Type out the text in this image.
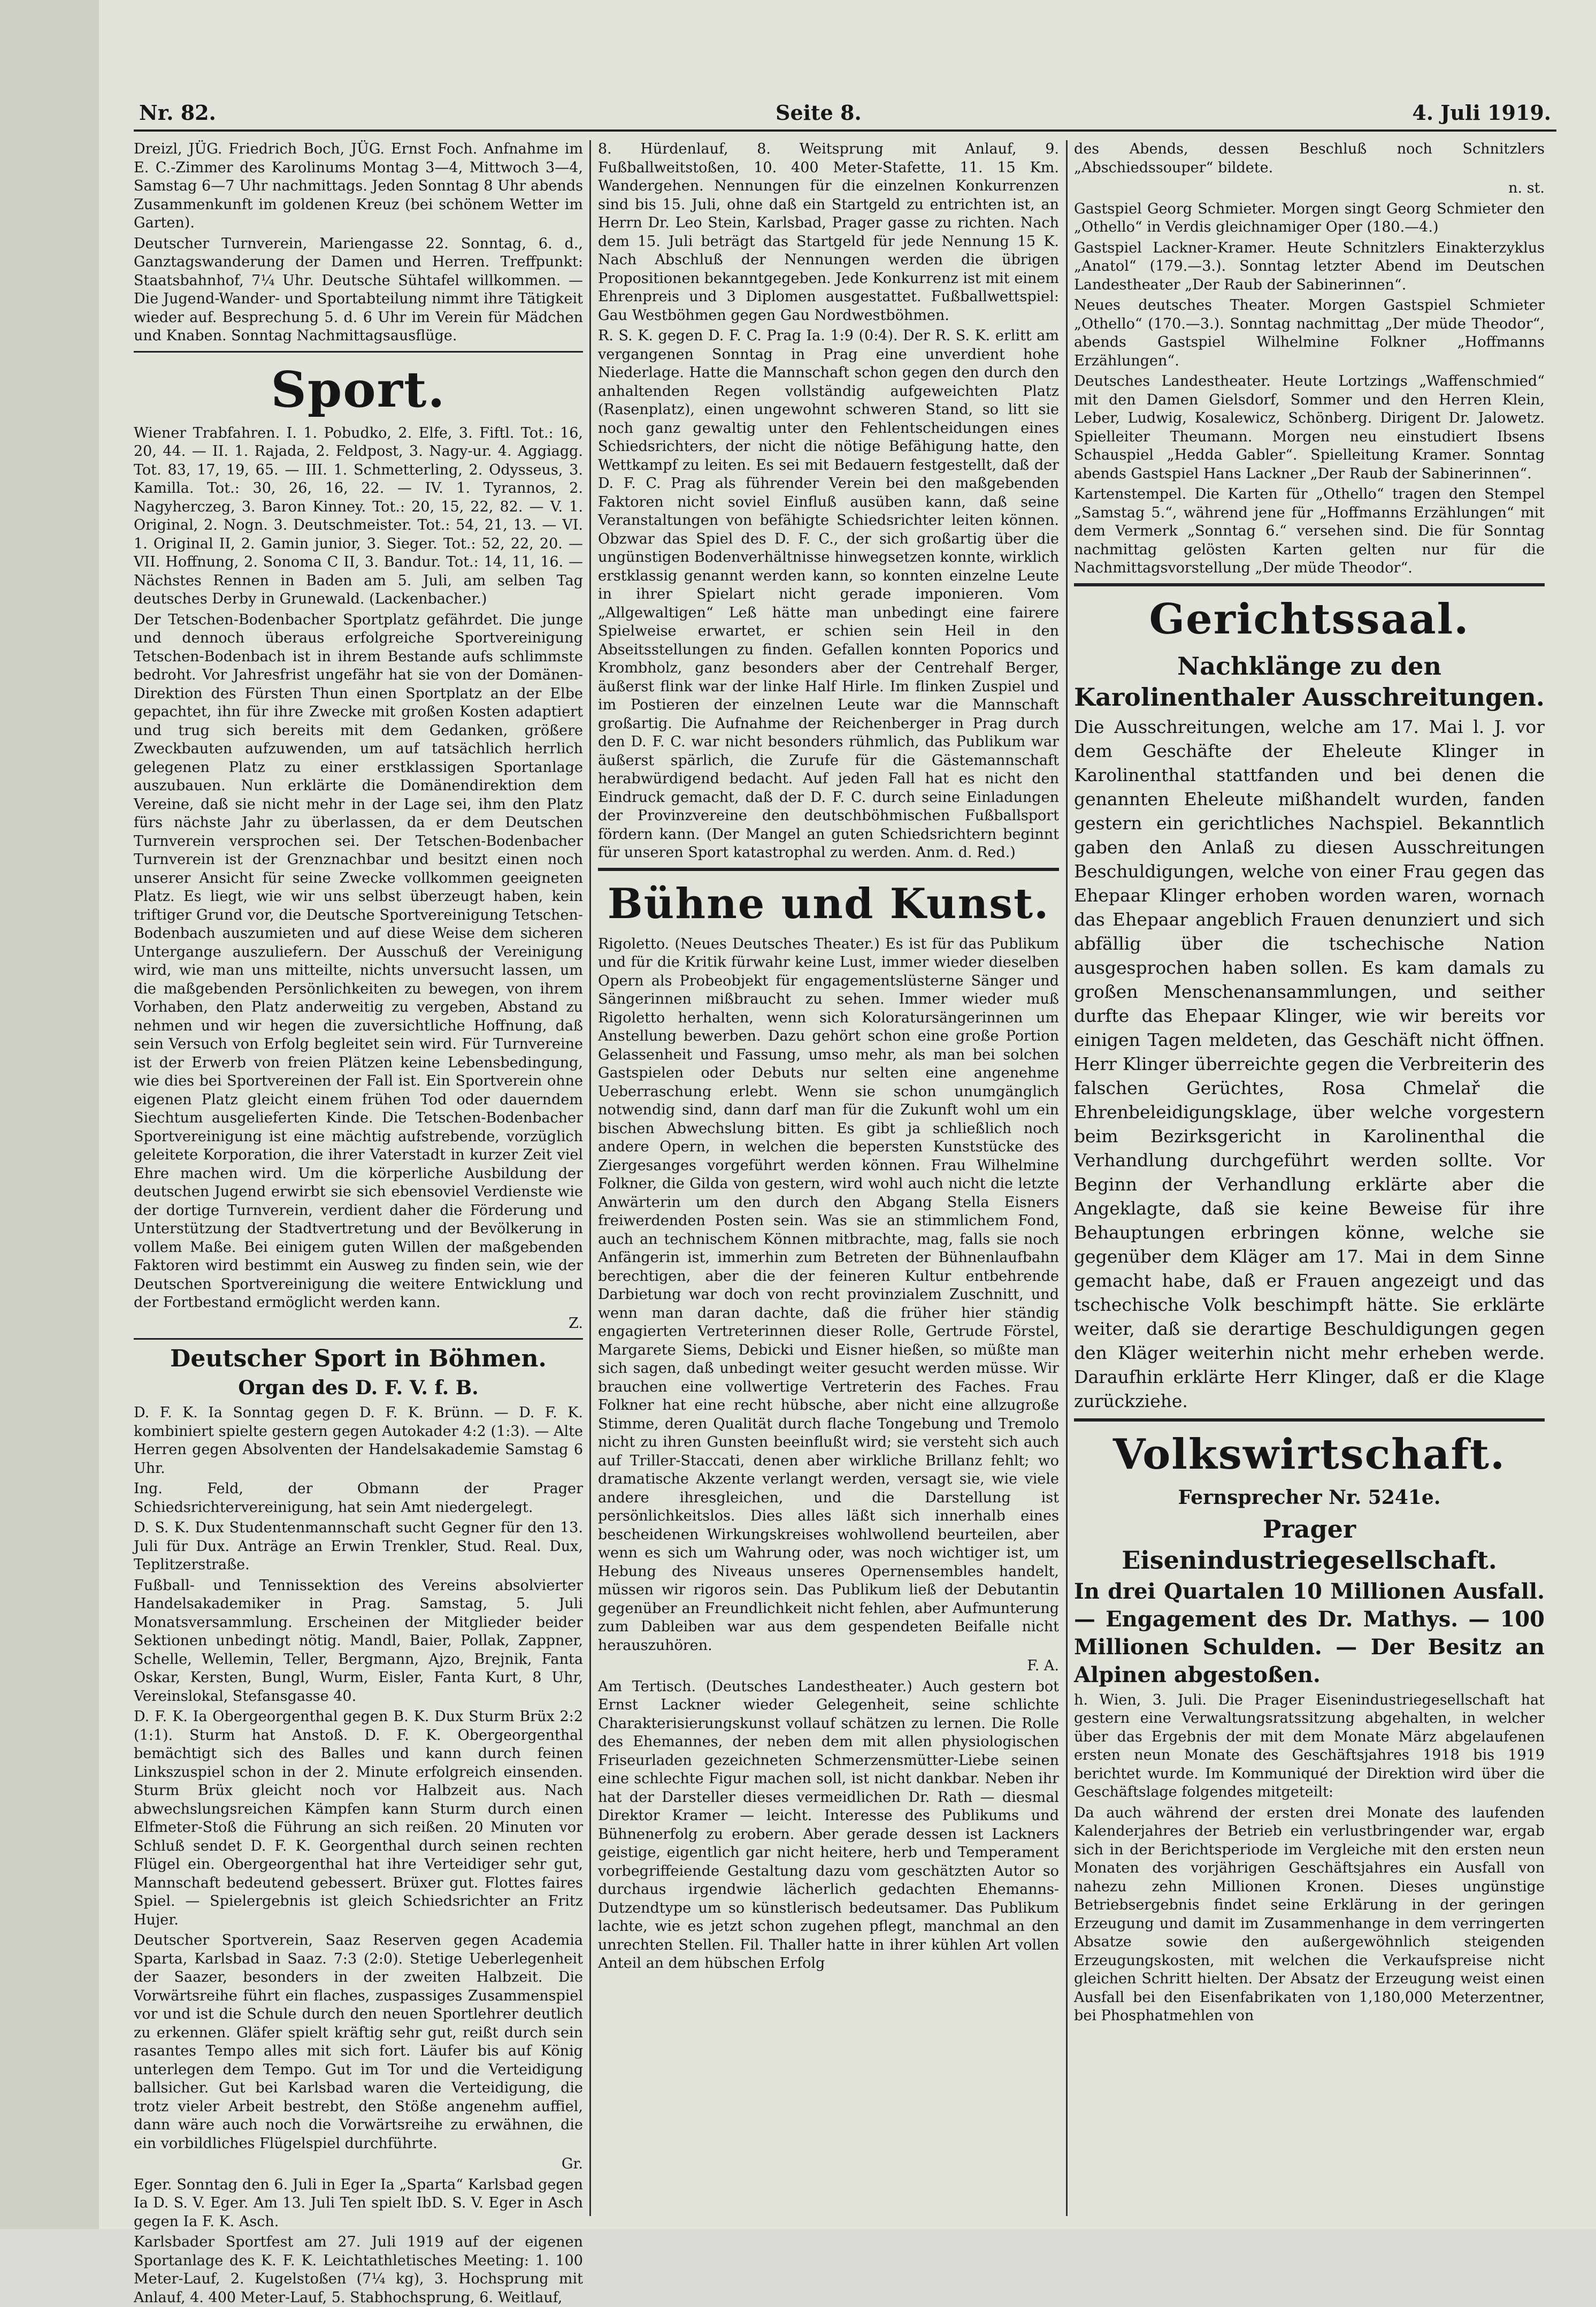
Nr. 82.	Seite 8.	4. Juli 1919.

Dreizl, JÜG. Friedrich Boch, JÜG. Ernst Foch. Anfnahme im E. C.-Zimmer des Karolinums Montag 3—4, Mittwoch 3—4, Samstag 6—7 Uhr nachmittags. Jeden Sonntag 8 Uhr abends Zusammenkunft im goldenen Kreuz (bei schönem Wetter im Garten).

Deutscher Turnverein, Mariengasse 22. Sonntag, 6. d., Ganztagswanderung der Damen und Herren. Treffpunkt: Staatsbahnhof, 7¼ Uhr. Deutsche Sühtafel willkommen. — Die Jugend-Wander- und Sportabteilung nimmt ihre Tätigkeit wieder auf. Besprechung 5. d. 6 Uhr im Verein für Mädchen und Knaben. Sonntag Nachmittagsausflüge.

Sport.

Wiener Trabfahren. I. 1. Pobudko, 2. Elfe, 3. Fiftl. Tot.: 16, 20, 44. — II. 1. Rajada, 2. Feldpost, 3. Nagy-ur. 4. Aggiagg. Tot. 83, 17, 19, 65. — III. 1. Schmetterling, 2. Odysseus, 3. Kamilla. Tot.: 30, 26, 16, 22. — IV. 1. Tyrannos, 2. Nagyherczeg, 3. Baron Kinney. Tot.: 20, 15, 22, 82. — V. 1. Original, 2. Nogn. 3. Deutschmeister. Tot.: 54, 21, 13. — VI. 1. Original II, 2. Gamin junior, 3. Sieger. Tot.: 52, 22, 20. — VII. Hoffnung, 2. Sonoma C II, 3. Bandur. Tot.: 14, 11, 16. — Nächstes Rennen in Baden am 5. Juli, am selben Tag deutsches Derby in Grunewald. (Lackenbacher.)

Der Tetschen-Bodenbacher Sportplatz gefährdet. Die junge und dennoch überaus erfolgreiche Sportvereinigung Tetschen-Bodenbach ist in ihrem Bestande aufs schlimmste bedroht. Vor Jahresfrist ungefähr hat sie von der Domänen-Direktion des Fürsten Thun einen Sportplatz an der Elbe gepachtet, ihn für ihre Zwecke mit großen Kosten adaptiert und trug sich bereits mit dem Gedanken, größere Zweckbauten aufzuwenden, um auf tatsächlich herrlich gelegenen Platz zu einer erstklassigen Sportanlage auszubauen. Nun erklärte die Domänendirektion dem Vereine, daß sie nicht mehr in der Lage sei, ihm den Platz fürs nächste Jahr zu überlassen, da er dem Deutschen Turnverein versprochen sei. Der Tetschen-Bodenbacher Turnverein ist der Grenznachbar und besitzt einen noch unserer Ansicht für seine Zwecke vollkommen geeigneten Platz. Es liegt, wie wir uns selbst überzeugt haben, kein triftiger Grund vor, die Deutsche Sportvereinigung Tetschen-Bodenbach auszumieten und auf diese Weise dem sicheren Untergange auszuliefern. Der Ausschuß der Vereinigung wird, wie man uns mitteilte, nichts unversucht lassen, um die maßgebenden Persönlichkeiten zu bewegen, von ihrem Vorhaben, den Platz anderweitig zu vergeben, Abstand zu nehmen und wir hegen die zuversichtliche Hoffnung, daß sein Versuch von Erfolg begleitet sein wird. Für Turnvereine ist der Erwerb von freien Plätzen keine Lebensbedingung, wie dies bei Sportvereinen der Fall ist. Ein Sportverein ohne eigenen Platz gleicht einem frühen Tod oder dauerndem Siechtum ausgelieferten Kinde. Die Tetschen-Bodenbacher Sportvereinigung ist eine mächtig aufstrebende, vorzüglich geleitete Korporation, die ihrer Vaterstadt in kurzer Zeit viel Ehre machen wird. Um die körperliche Ausbildung der deutschen Jugend erwirbt sie sich ebensoviel Verdienste wie der dortige Turnverein, verdient daher die Förderung und Unterstützung der Stadtvertretung und der Bevölkerung in vollem Maße. Bei einigem guten Willen der maßgebenden Faktoren wird bestimmt ein Ausweg zu finden sein, wie der Deutschen Sportvereinigung die weitere Entwicklung und der Fortbestand ermöglicht werden kann.

Z.

Deutscher Sport in Böhmen.
Organ des D. F. V. f. B.

D. F. K. Ia Sonntag gegen D. F. K. Brünn. — D. F. K. kombiniert spielte gestern gegen Autokader 4:2 (1:3). — Alte Herren gegen Absolventen der Handelsakademie Samstag 6 Uhr.

Ing. Feld, der Obmann der Prager Schiedsrichtervereinigung, hat sein Amt niedergelegt.

D. S. K. Dux Studentenmannschaft sucht Gegner für den 13. Juli für Dux. Anträge an Erwin Trenkler, Stud. Real. Dux, Teplitzerstraße.

Fußball- und Tennissektion des Vereins absolvierter Handelsakademiker in Prag. Samstag, 5. Juli Monatsversammlung. Erscheinen der Mitglieder beider Sektionen unbedingt nötig. Mandl, Baier, Pollak, Zappner, Schelle, Wellemin, Teller, Bergmann, Ajzo, Brejnik, Fanta Oskar, Kersten, Bungl, Wurm, Eisler, Fanta Kurt, 8 Uhr, Vereinslokal, Stefansgasse 40.

D. F. K. Ia Obergeorgenthal gegen B. K. Dux Sturm Brüx 2:2 (1:1). Sturm hat Anstoß. D. F. K. Obergeorgenthal bemächtigt sich des Balles und kann durch feinen Linkszuspiel schon in der 2. Minute erfolgreich einsenden. Sturm Brüx gleicht noch vor Halbzeit aus. Nach abwechslungsreichen Kämpfen kann Sturm durch einen Elfmeter-Stoß die Führung an sich reißen. 20 Minuten vor Schluß sendet D. F. K. Georgenthal durch seinen rechten Flügel ein. Obergeorgenthal hat ihre Verteidiger sehr gut, Mannschaft bedeutend gebessert. Brüxer gut. Flottes faires Spiel. — Spielergebnis ist gleich Schiedsrichter an Fritz Hujer.

Deutscher Sportverein, Saaz Reserven gegen Academia Sparta, Karlsbad in Saaz. 7:3 (2:0). Stetige Ueberlegenheit der Saazer, besonders in der zweiten Halbzeit. Die Vorwärtsreihe führt ein flaches, zuspassiges Zusammenspiel vor und ist die Schule durch den neuen Sportlehrer deutlich zu erkennen. Gläfer spielt kräftig sehr gut, reißt durch sein rasantes Tempo alles mit sich fort. Läufer bis auf König unterlegen dem Tempo. Gut im Tor und die Verteidigung ballsicher. Gut bei Karlsbad waren die Verteidigung, die trotz vieler Arbeit bestrebt, den Stöße angenehm auffiel, dann wäre auch noch die Vorwärtsreihe zu erwähnen, die ein vorbildliches Flügelspiel durchführte.

Gr.

Eger. Sonntag den 6. Juli in Eger Ia „Sparta“ Karlsbad gegen Ia D. S. V. Eger. Am 13. Juli Ten spielt IbD. S. V. Eger in Asch gegen Ia F. K. Asch.

Karlsbader Sportfest am 27. Juli 1919 auf der eigenen Sportanlage des K. F. K. Leichtathletisches Meeting: 1. 100 Meter-Lauf, 2. Kugelstoßen (7¼ kg), 3. Hochsprung mit Anlauf, 4. 400 Meter-Lauf, 5. Stabhochsprung, 6. Weitlauf,

8. Hürdenlauf, 8. Weitsprung mit Anlauf, 9. Fußballweitstoßen, 10. 400 Meter-Stafette, 11. 15 Km. Wandergehen. Nennungen für die einzelnen Konkurrenzen sind bis 15. Juli, ohne daß ein Startgeld zu entrichten ist, an Herrn Dr. Leo Stein, Karlsbad, Prager gasse zu richten. Nach dem 15. Juli beträgt das Startgeld für jede Nennung 15 K. Nach Abschluß der Nennungen werden die übrigen Propositionen bekanntgegeben. Jede Konkurrenz ist mit einem Ehrenpreis und 3 Diplomen ausgestattet. Fußballwettspiel: Gau Westböhmen gegen Gau Nordwestböhmen.

R. S. K. gegen D. F. C. Prag Ia. 1:9 (0:4). Der R. S. K. erlitt am vergangenen Sonntag in Prag eine unverdient hohe Niederlage. Hatte die Mannschaft schon gegen den durch den anhaltenden Regen vollständig aufgeweichten Platz (Rasenplatz), einen ungewohnt schweren Stand, so litt sie noch ganz gewaltig unter den Fehlentscheidungen eines Schiedsrichters, der nicht die nötige Befähigung hatte, den Wettkampf zu leiten. Es sei mit Bedauern festgestellt, daß der D. F. C. Prag als führender Verein bei den maßgebenden Faktoren nicht soviel Einfluß ausüben kann, daß seine Veranstaltungen von befähigte Schiedsrichter leiten können. Obzwar das Spiel des D. F. C., der sich großartig über die ungünstigen Bodenverhältnisse hinwegsetzen konnte, wirklich erstklassig genannt werden kann, so konnten einzelne Leute in ihrer Spielart nicht gerade imponieren. Vom „Allgewaltigen“ Leß hätte man unbedingt eine fairere Spielweise erwartet, er schien sein Heil in den Abseitsstellungen zu finden. Gefallen konnten Poporics und Krombholz, ganz besonders aber der Centrehalf Berger, äußerst flink war der linke Half Hirle. Im flinken Zuspiel und im Postieren der einzelnen Leute war die Mannschaft großartig. Die Aufnahme der Reichenberger in Prag durch den D. F. C. war nicht besonders rühmlich, das Publikum war äußerst spärlich, die Zurufe für die Gästemannschaft herabwürdigend bedacht. Auf jeden Fall hat es nicht den Eindruck gemacht, daß der D. F. C. durch seine Einladungen der Provinzvereine den deutschböhmischen Fußballsport fördern kann. (Der Mangel an guten Schiedsrichtern beginnt für unseren Sport katastrophal zu werden. Anm. d. Red.)

Bühne und Kunst.

Rigoletto. (Neues Deutsches Theater.) Es ist für das Publikum und für die Kritik fürwahr keine Lust, immer wieder dieselben Opern als Probeobjekt für engagementslüsterne Sänger und Sängerinnen mißbraucht zu sehen. Immer wieder muß Rigoletto herhalten, wenn sich Koloratursängerinnen um Anstellung bewerben. Dazu gehört schon eine große Portion Gelassenheit und Fassung, umso mehr, als man bei solchen Gastspielen oder Debuts nur selten eine angenehme Ueberraschung erlebt. Wenn sie schon unumgänglich notwendig sind, dann darf man für die Zukunft wohl um ein bischen Abwechslung bitten. Es gibt ja schließlich noch andere Opern, in welchen die bepersten Kunststücke des Ziergesanges vorgeführt werden können. Frau Wilhelmine Folkner, die Gilda von gestern, wird wohl auch nicht die letzte Anwärterin um den durch den Abgang Stella Eisners freiwerdenden Posten sein. Was sie an stimmlichem Fond, auch an technischem Können mitbrachte, mag, falls sie noch Anfängerin ist, immerhin zum Betreten der Bühnenlaufbahn berechtigen, aber die der feineren Kultur entbehrende Darbietung war doch von recht provinzialem Zuschnitt, und wenn man daran dachte, daß die früher hier ständig engagierten Vertreterinnen dieser Rolle, Gertrude Förstel, Margarete Siems, Debicki und Eisner hießen, so müßte man sich sagen, daß unbedingt weiter gesucht werden müsse. Wir brauchen eine vollwertige Vertreterin des Faches. Frau Folkner hat eine recht hübsche, aber nicht eine allzugroße Stimme, deren Qualität durch flache Tongebung und Tremolo nicht zu ihren Gunsten beeinflußt wird; sie versteht sich auch auf Triller-Staccati, denen aber wirkliche Brillanz fehlt; wo dramatische Akzente verlangt werden, versagt sie, wie viele andere ihresgleichen, und die Darstellung ist persönlichkeitslos. Dies alles läßt sich innerhalb eines bescheidenen Wirkungskreises wohlwollend beurteilen, aber wenn es sich um Wahrung oder, was noch wichtiger ist, um Hebung des Niveaus unseres Opernensembles handelt, müssen wir rigoros sein. Das Publikum ließ der Debutantin gegenüber an Freundlichkeit nicht fehlen, aber Aufmunterung zum Dableiben war aus dem gespendeten Beifalle nicht herauszuhören.

F. A.

Am Tertisch. (Deutsches Landestheater.) Auch gestern bot Ernst Lackner wieder Gelegenheit, seine schlichte Charakterisierungskunst vollauf schätzen zu lernen. Die Rolle des Ehemannes, der neben dem mit allen physiologischen Friseurladen gezeichneten Schmerzensmütter-Liebe seinen eine schlechte Figur machen soll, ist nicht dankbar. Neben ihr hat der Darsteller dieses vermeidlichen Dr. Rath — diesmal Direktor Kramer — leicht. Interesse des Publikums und Bühnenerfolg zu erobern. Aber gerade dessen ist Lackners geistige, eigentlich gar nicht heitere, herb und Temperament vorbegriffeiende Gestaltung dazu vom geschätzten Autor so durchaus irgendwie lächerlich gedachten Ehemanns-Dutzendtype um so künstlerisch bedeutsamer. Das Publikum lachte, wie es jetzt schon zugehen pflegt, manchmal an den unrechten Stellen. Fil. Thaller hatte in ihrer kühlen Art vollen Anteil an dem hübschen Erfolg

des Abends, dessen Beschluß noch Schnitzlers „Abschiedssouper“ bildete.

n. st.

Gastspiel Georg Schmieter. Morgen singt Georg Schmieter den „Othello“ in Verdis gleichnamiger Oper (180.—4.)

Gastspiel Lackner-Kramer. Heute Schnitzlers Einakterzyklus „Anatol“ (179.—3.). Sonntag letzter Abend im Deutschen Landestheater „Der Raub der Sabinerinnen“.

Neues deutsches Theater. Morgen Gastspiel Schmieter „Othello“ (170.—3.). Sonntag nachmittag „Der müde Theodor“, abends Gastspiel Wilhelmine Folkner „Hoffmanns Erzählungen“.

Deutsches Landestheater. Heute Lortzings „Waffenschmied“ mit den Damen Gielsdorf, Sommer und den Herren Klein, Leber, Ludwig, Kosalewicz, Schönberg. Dirigent Dr. Jalowetz. Spielleiter Theumann. Morgen neu einstudiert Ibsens Schauspiel „Hedda Gabler“. Spielleitung Kramer. Sonntag abends Gastspiel Hans Lackner „Der Raub der Sabinerinnen“.

Kartenstempel. Die Karten für „Othello“ tragen den Stempel „Samstag 5.“, während jene für „Hoffmanns Erzählungen“ mit dem Vermerk „Sonntag 6.“ versehen sind. Die für Sonntag nachmittag gelösten Karten gelten nur für die Nachmittagsvorstellung „Der müde Theodor“.

Gerichtssaal.
Nachklänge zu den Karolinenthaler Ausschreitungen.

Die Ausschreitungen, welche am 17. Mai l. J. vor dem Geschäfte der Eheleute Klinger in Karolinenthal stattfanden und bei denen die genannten Eheleute mißhandelt wurden, fanden gestern ein gerichtliches Nachspiel. Bekanntlich gaben den Anlaß zu diesen Ausschreitungen Beschuldigungen, welche von einer Frau gegen das Ehepaar Klinger erhoben worden waren, wornach das Ehepaar angeblich Frauen denunziert und sich abfällig über die tschechische Nation ausgesprochen haben sollen. Es kam damals zu großen Menschenansammlungen, und seither durfte das Ehepaar Klinger, wie wir bereits vor einigen Tagen meldeten, das Geschäft nicht öffnen. Herr Klinger überreichte gegen die Verbreiterin des falschen Gerüchtes, Rosa Chmelař die Ehrenbeleidigungsklage, über welche vorgestern beim Bezirksgericht in Karolinenthal die Verhandlung durchgeführt werden sollte. Vor Beginn der Verhandlung erklärte aber die Angeklagte, daß sie keine Beweise für ihre Behauptungen erbringen könne, welche sie gegenüber dem Kläger am 17. Mai in dem Sinne gemacht habe, daß er Frauen angezeigt und das tschechische Volk beschimpft hätte. Sie erklärte weiter, daß sie derartige Beschuldigungen gegen den Kläger weiterhin nicht mehr erheben werde. Daraufhin erklärte Herr Klinger, daß er die Klage zurückziehe.

Volkswirtschaft.
Fernsprecher Nr. 5241e.
Prager Eisenindustriegesellschaft.
In drei Quartalen 10 Millionen Ausfall. — Engagement des Dr. Mathys. — 100 Millionen Schulden. — Der Besitz an Alpinen abgestoßen.

h. Wien, 3. Juli. Die Prager Eisenindustriegesellschaft hat gestern eine Verwaltungsratssitzung abgehalten, in welcher über das Ergebnis der mit dem Monate März abgelaufenen ersten neun Monate des Geschäftsjahres 1918 bis 1919 berichtet wurde. Im Kommuniqué der Direktion wird über die Geschäftslage folgendes mitgeteilt:

Da auch während der ersten drei Monate des laufenden Kalenderjahres der Betrieb ein verlustbringender war, ergab sich in der Berichtsperiode im Vergleiche mit den ersten neun Monaten des vorjährigen Geschäftsjahres ein Ausfall von nahezu zehn Millionen Kronen. Dieses ungünstige Betriebsergebnis findet seine Erklärung in der geringen Erzeugung und damit im Zusammenhange in dem verringerten Absatze sowie den außergewöhnlich steigenden Erzeugungskosten, mit welchen die Verkaufspreise nicht gleichen Schritt hielten. Der Absatz der Erzeugung weist einen Ausfall bei den Eisenfabrikaten von 1,180,000 Meterzentner, bei Phosphatmehlen von
